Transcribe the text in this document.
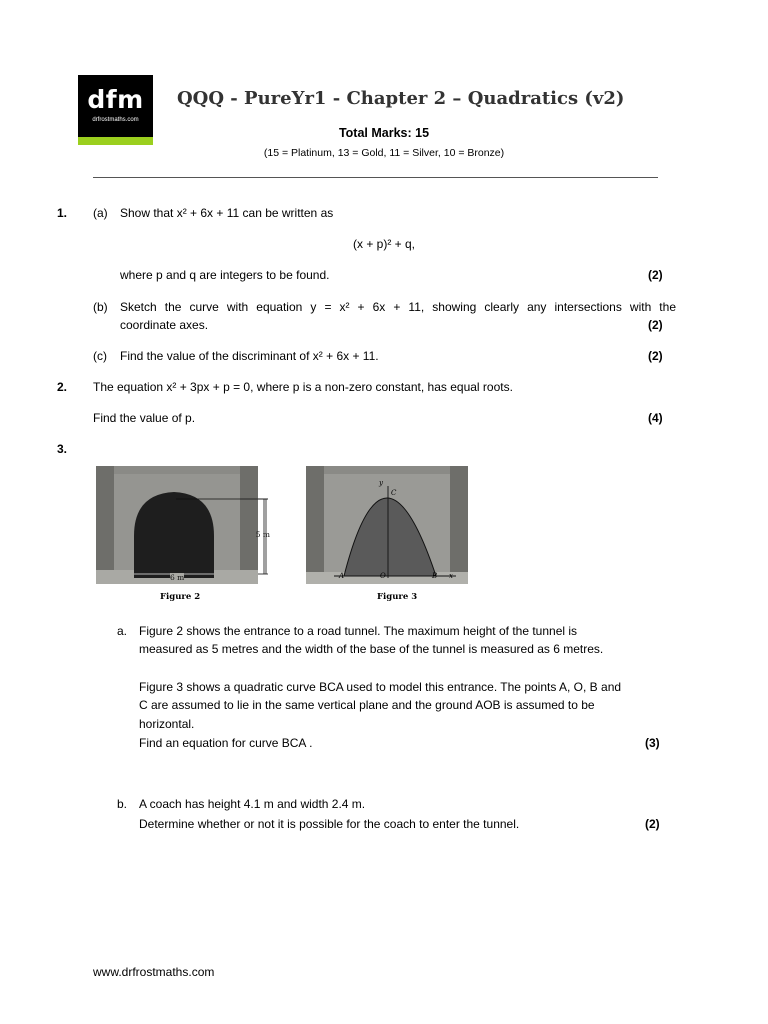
dfm
drfrostmaths.com
QQQ - PureYr1 - Chapter 2 – Quadratics (v2)
Total Marks: 15
(15 = Platinum, 13 = Gold, 11 = Silver, 10 = Bronze)
1. (a) Show that x² + 6x + 11 can be written as
(x + p)² + q,
where p and q are integers to be found.	(2)
(b) Sketch the curve with equation y = x² + 6x + 11, showing clearly any intersections with the
coordinate axes.	(2)
(c) Find the value of the discriminant of x² + 6x + 11.	(2)
2. The equation x² + 3px + p = 0, where p is a non-zero constant, has equal roots.
Find the value of p.	(4)
3.
5 m
6 m
Figure 2
y
C
A	O	B x
Figure 3
a. Figure 2 shows the entrance to a road tunnel. The maximum height of the tunnel is
measured as 5 metres and the width of the base of the tunnel is measured as 6 metres.
Figure 3 shows a quadratic curve BCA used to model this entrance. The points A, O, B and
C are assumed to lie in the same vertical plane and the ground AOB is assumed to be
horizontal.
Find an equation for curve BCA .	(3)
b. A coach has height 4.1 m and width 2.4 m.
Determine whether or not it is possible for the coach to enter the tunnel.	(2)
www.drfrostmaths.com
